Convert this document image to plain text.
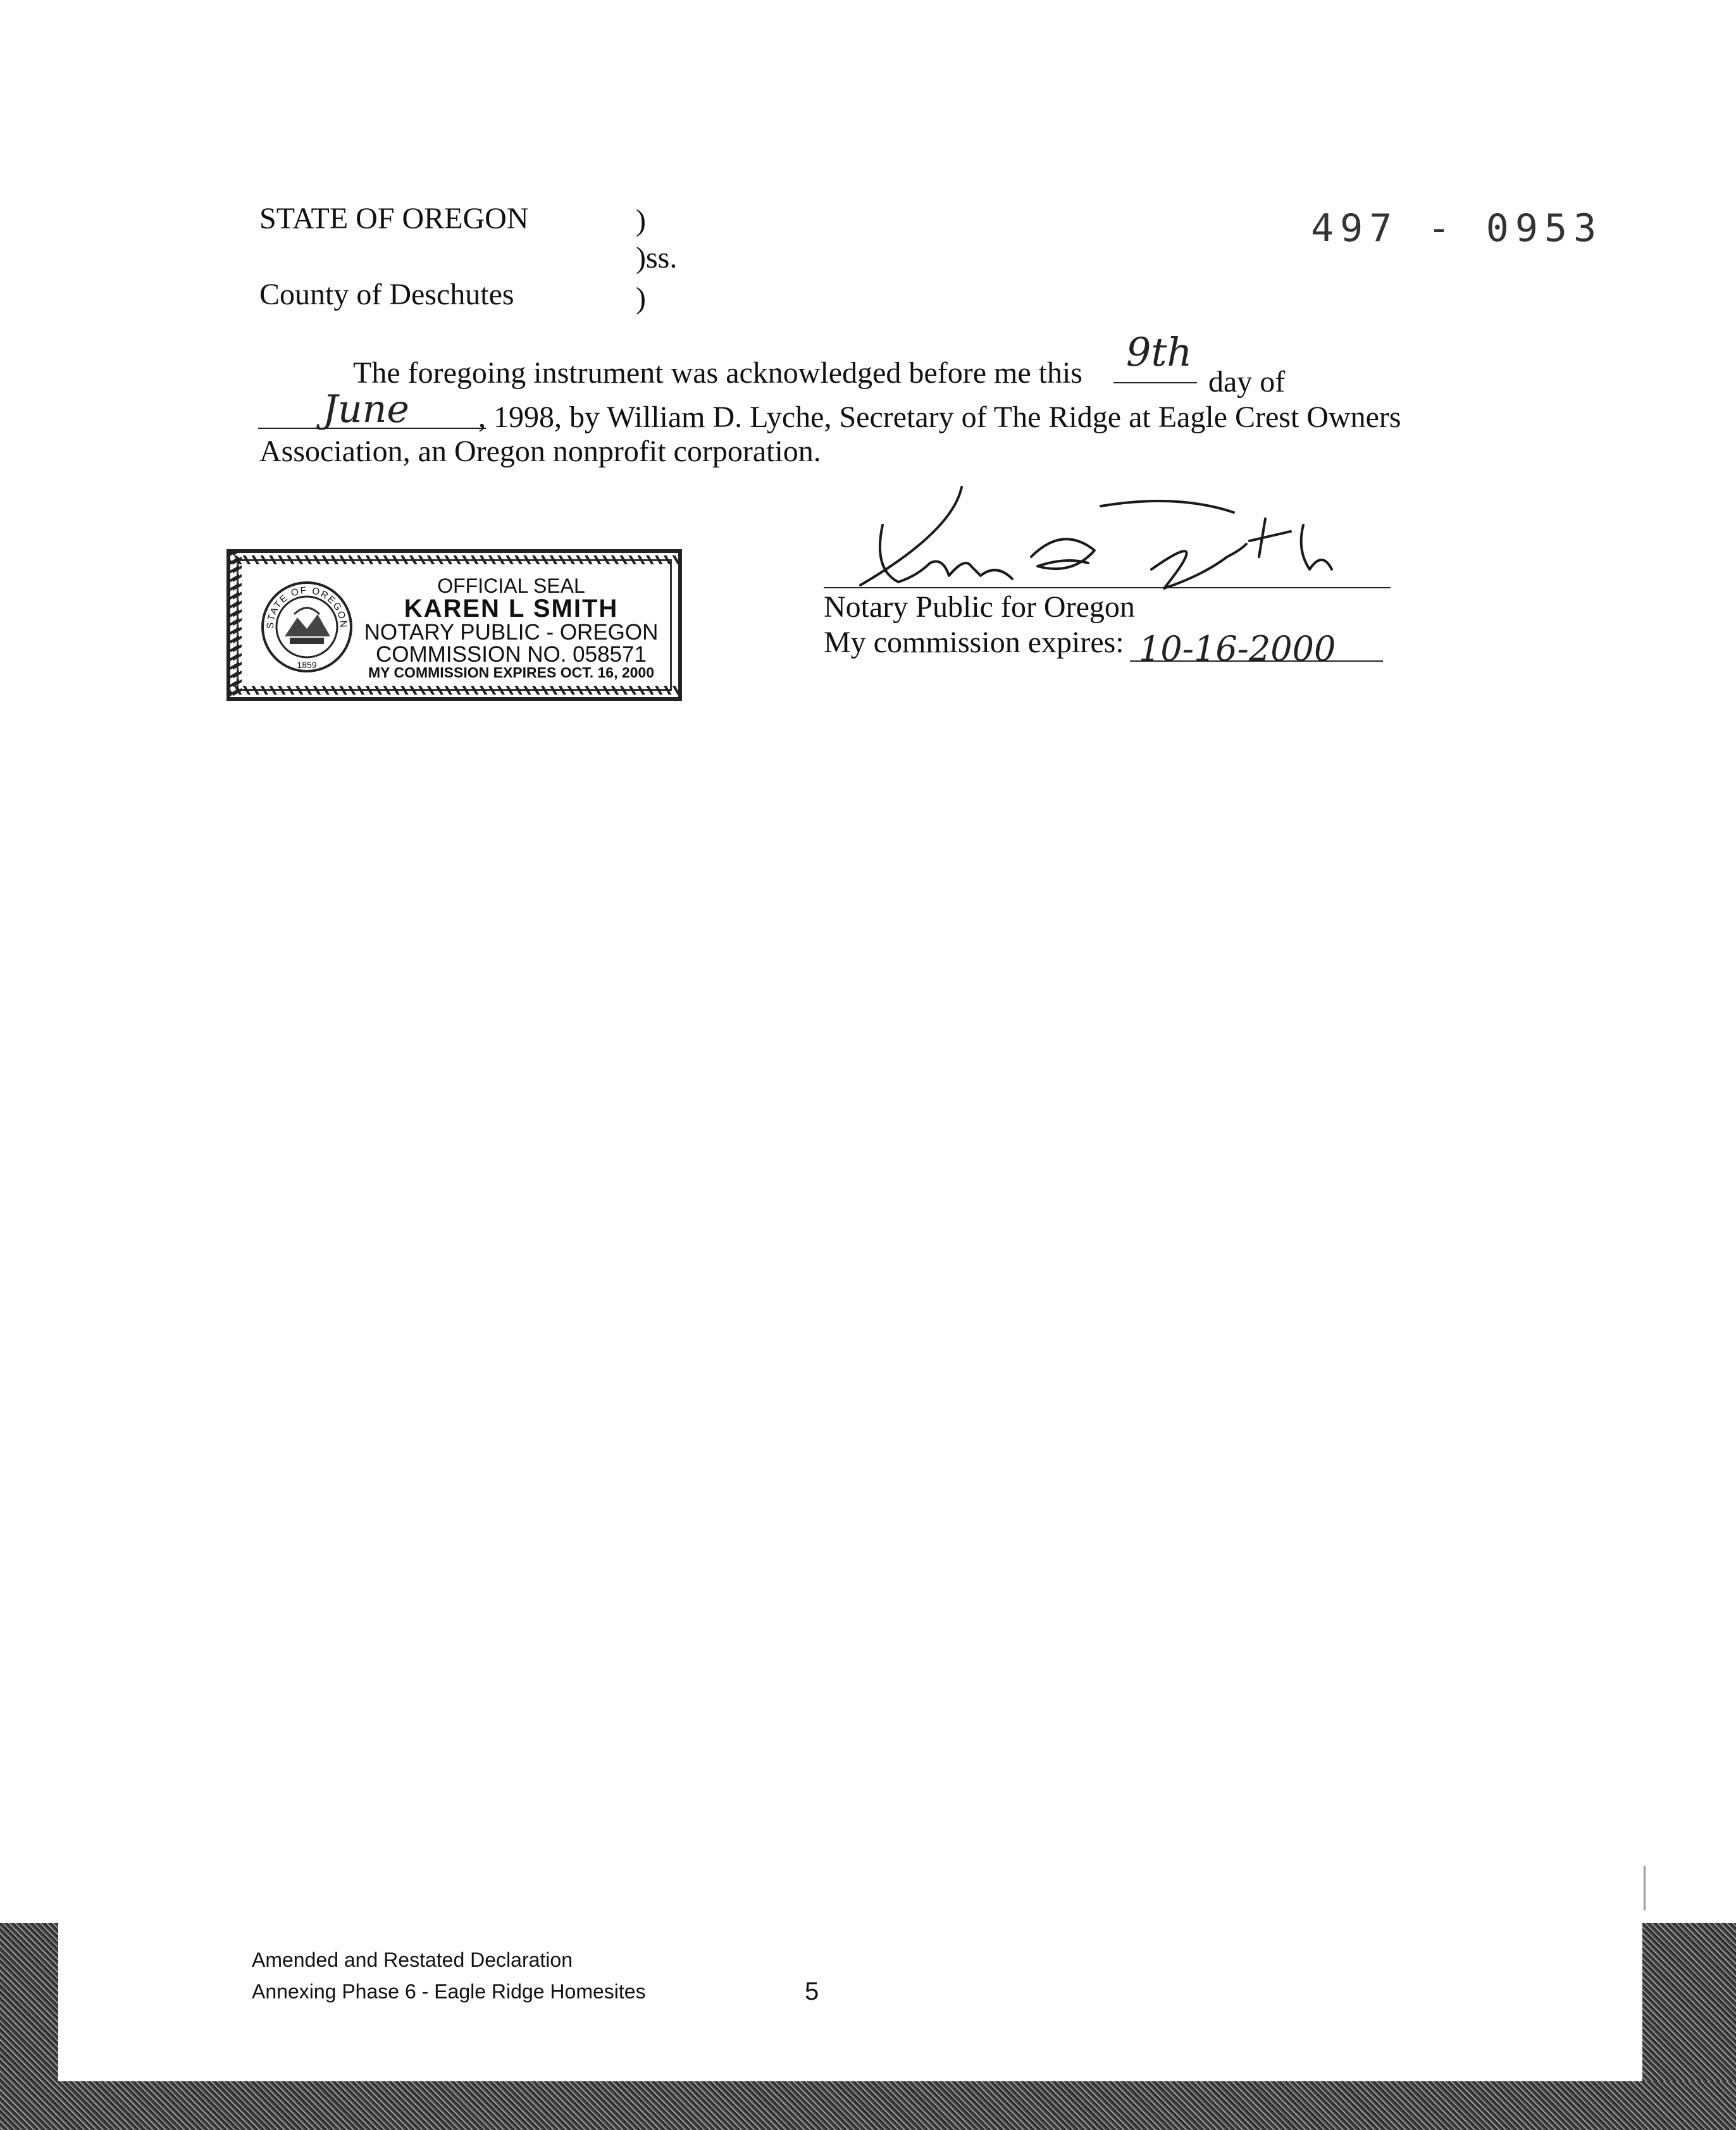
STATE OF OREGON	)
)ss.
County of Deschutes	)
497 - 0953
The foregoing instrument was acknowledged before me this 9th
day of
June , 1998, by William D. Lyche, Secretary of The Ridge at Eagle Crest Owners
Association, an Oregon nonprofit corporation.
STATE OF OREGON
1859
OFFICIAL SEAL
KAREN L SMITH
NOTARY PUBLIC - OREGON
COMMISSION NO. 058571
MY COMMISSION EXPIRES OCT. 16, 2000
Notary Public for Oregon
My commission expires: 10-16-2000
Amended and Restated Declaration
Annexing Phase 6 - Eagle Ridge Homesites	5
